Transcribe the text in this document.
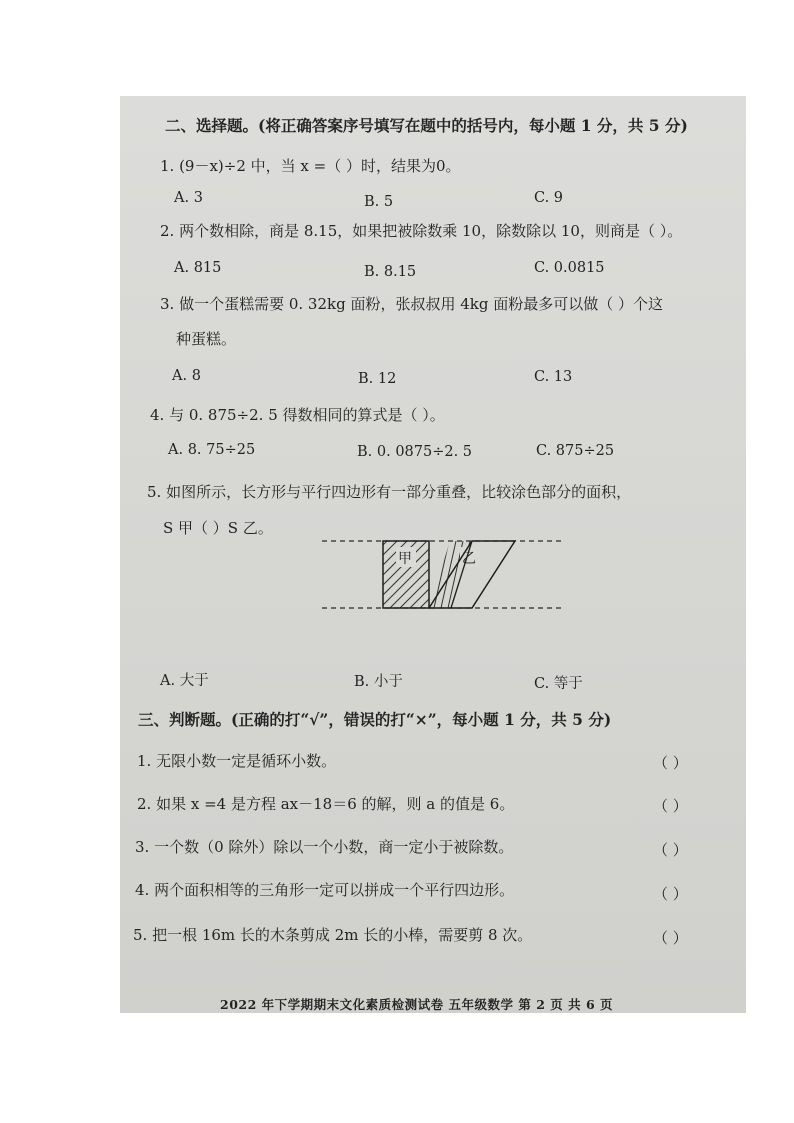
二、选择题。(将正确答案序号填写在题中的括号内，每小题 1 分，共 5 分)
1. (9－x)÷2 中，当 x =（ ）时，结果为0。
A. 3	B. 5	C. 9
2. 两个数相除，商是 8.15，如果把被除数乘 10，除数除以 10，则商是（ ）。
A. 815	B. 8.15	C. 0.0815
3. 做一个蛋糕需要 0. 32kg 面粉，张叔叔用 4kg 面粉最多可以做（ ）个这
种蛋糕。
A. 8	B. 12	C. 13
4. 与 0. 875÷2. 5 得数相同的算式是（ ）。
A. 8. 75÷25	B. 0. 0875÷2. 5	C. 875÷25
5. 如图所示，长方形与平行四边形有一部分重叠，比较涂色部分的面积，
S 甲（ ）S 乙。
甲	乙
A. 大于	B. 小于	C. 等于
三、判断题。(正确的打“√”，错误的打“×”，每小题 1 分，共 5 分)
1. 无限小数一定是循环小数。	（ ）
2. 如果 x =4 是方程 ax－18＝6 的解，则 a 的值是 6。	（ ）
3. 一个数（0 除外）除以一个小数，商一定小于被除数。	（ ）
4. 两个面积相等的三角形一定可以拼成一个平行四边形。	（ ）
5. 把一根 16m 长的木条剪成 2m 长的小棒，需要剪 8 次。	（ ）
2022 年下学期期末文化素质检测试卷 五年级数学 第 2 页 共 6 页
